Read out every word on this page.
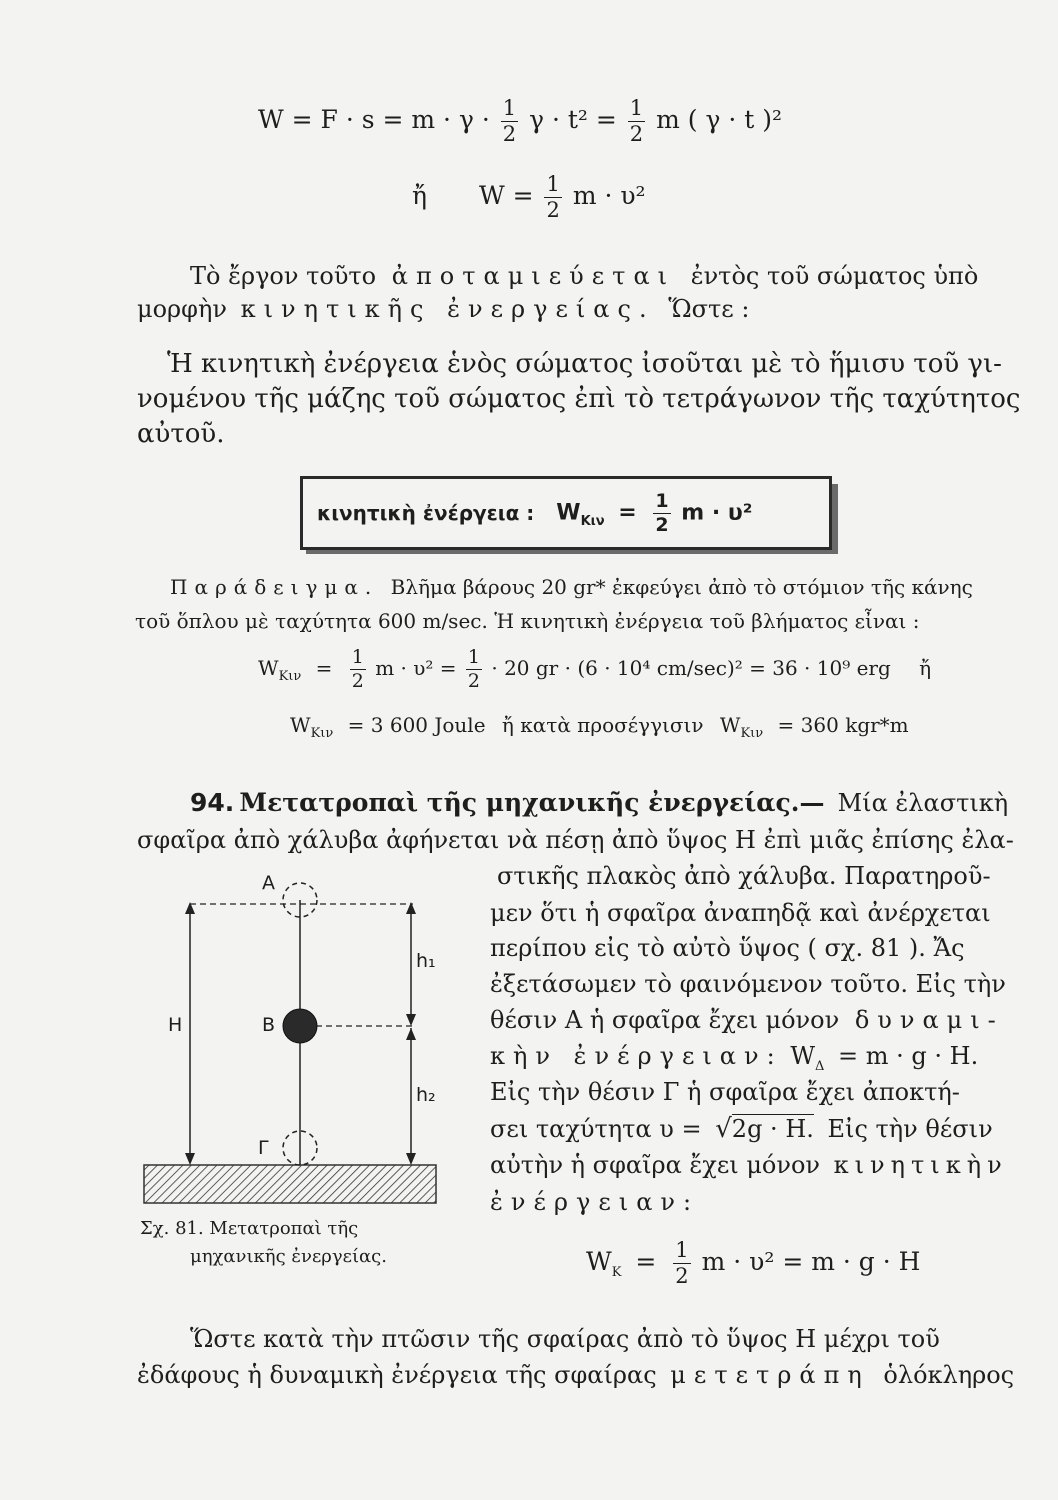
$W = F \cdot s = m \cdot \gamma \cdot \frac{1}{2}$ $\gamma \cdot t^2 = \frac{1}{2}$ m ( γ · t )²
ἤ $W = \frac{1}{2}$ m · υ²
Τὸ ἔργον τοῦτο ἀποταμιεύεται ἐντὸς τοῦ σώματος ὑπὸ
μορφὴν κινητικῆς ἐνεργείας. Ὥστε :
Ἡ κινητικὴ ἐνέργεια ἑνὸς σώματος ἰσοῦται μὲ τὸ ἥμισυ τοῦ γι-
νομένου τῆς μάζης τοῦ σώματος ἐπὶ τὸ τετράγωνον τῆς ταχύτητος
αὐτοῦ.
κινητικὴ ἐνέργεια : $W_{K\iota\nu} = \frac{1}{2}$ m · υ²
Παράδειγμα. Βλῆμα βάρους 20 gr* ἐκφεύγει ἀπὸ τὸ στόμιον τῆς κάνης
τοῦ ὅπλου μὲ ταχύτητα 600 m/sec. Ἡ κινητικὴ ἐνέργεια τοῦ βλήματος εἶναι :
$W_{K\iota\nu} = \frac{1}{2}$ $m \cdot \upsilon^2 = \frac{1}{2} \cdot 20$ gr · (6 · 10⁴ cm/sec)² = 36 · 10⁹ erg ἤ
$W_{K\iota\nu} = 3$ 600 Joule ἤ κατὰ προσέγγισιν $W_{K\iota\nu} = 360$ kgr*m
94. Μετατροπαὶ τῆς μηχανικῆς ἐνεργείας.— Μία ἐλαστικὴ
σφαῖρα ἀπὸ χάλυβα ἀφήνεται νὰ πέσῃ ἀπὸ ὕψος Η ἐπὶ μιᾶς ἐπίσης ἐλα-
στικῆς πλακὸς ἀπὸ χάλυβα. Παρατηροῦ-
μεν ὅτι ἡ σφαῖρα ἀναπηδᾷ καὶ ἀνέρχεται
περίπου εἰς τὸ αὐτὸ ὕψος ( σχ. 81 ). Ἄς
ἐξετάσωμεν τὸ φαινόμενον τοῦτο. Εἰς τὴν
θέσιν Α ἡ σφαῖρα ἔχει μόνον δυναμι-
κὴν ἐνέργειαν: $W_\Delta = m \cdot g \cdot H$.
Εἰς τὴν θέσιν Γ ἡ σφαῖρα ἔχει ἀποκτή-
σει ταχύτητα υ = √2g · H. Εἰς τὴν θέσιν
αὐτὴν ἡ σφαῖρα ἔχει μόνον κινητικὴν
ἐνέργειαν:
$W_K = \frac{1}{2}$ m · υ² = m · g · H
Ὥστε κατὰ τὴν πτῶσιν τῆς σφαίρας ἀπὸ τὸ ὕψος Η μέχρι τοῦ
ἐδάφους ἡ δυναμικὴ ἐνέργεια τῆς σφαίρας μετετράπη ὁλόκληρος
Α
Β
Γ
H
h₁
h₂
Σχ. 81. Μετατροπαὶ τῆς
μηχανικῆς ἐνεργείας.
